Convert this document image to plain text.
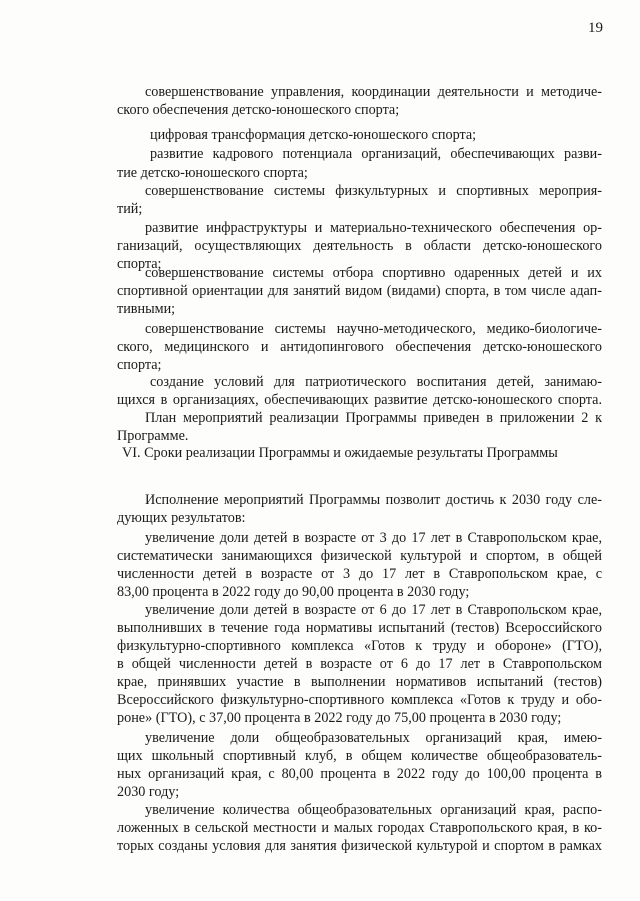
19
совершенствование управления, координации деятельности и методиче-
ского обеспечения детско-юношеского спорта;
цифровая трансформация детско-юношеского спорта;
развитие кадрового потенциала организаций, обеспечивающих разви-
тие детско-юношеского спорта;
совершенствование системы физкультурных и спортивных мероприя-
тий;
развитие инфраструктуры и материально-технического обеспечения ор-
ганизаций, осуществляющих деятельность в области детско-юношеского
спорта;
совершенствование системы отбора спортивно одаренных детей и их
спортивной ориентации для занятий видом (видами) спорта, в том числе адап-
тивными;
совершенствование системы научно-методического, медико-биологиче-
ского, медицинского и антидопингового обеспечения детско-юношеского
спорта;
создание условий для патриотического воспитания детей, занимаю-
щихся в организациях, обеспечивающих развитие детско-юношеского спорта.
План мероприятий реализации Программы приведен в приложении 2 к
Программе.
Исполнение мероприятий Программы позволит достичь к 2030 году сле-
дующих результатов:
увеличение доли детей в возрасте от 3 до 17 лет в Ставропольском крае,
систематически занимающихся физической культурой и спортом, в общей
численности детей в возрасте от 3 до 17 лет в Ставропольском крае, с
83,00 процента в 2022 году до 90,00 процента в 2030 году;
увеличение доли детей в возрасте от 6 до 17 лет в Ставропольском крае,
выполнивших в течение года нормативы испытаний (тестов) Всероссийского
физкультурно-спортивного комплекса «Готов к труду и обороне» (ГТО),
в общей численности детей в возрасте от 6 до 17 лет в Ставропольском
крае, принявших участие в выполнении нормативов испытаний (тестов)
Всероссийского физкультурно-спортивного комплекса «Готов к труду и обо-
роне» (ГТО), с 37,00 процента в 2022 году до 75,00 процента в 2030 году;
увеличение доли общеобразовательных организаций края, имею-
щих школьный спортивный клуб, в общем количестве общеобразователь-
ных организаций края, с 80,00 процента в 2022 году до 100,00 процента в
2030 году;
увеличение количества общеобразовательных организаций края, распо-
ложенных в сельской местности и малых городах Ставропольского края, в ко-
торых созданы условия для занятия физической культурой и спортом в рамках
VI. Сроки реализации Программы и ожидаемые результаты Программы
